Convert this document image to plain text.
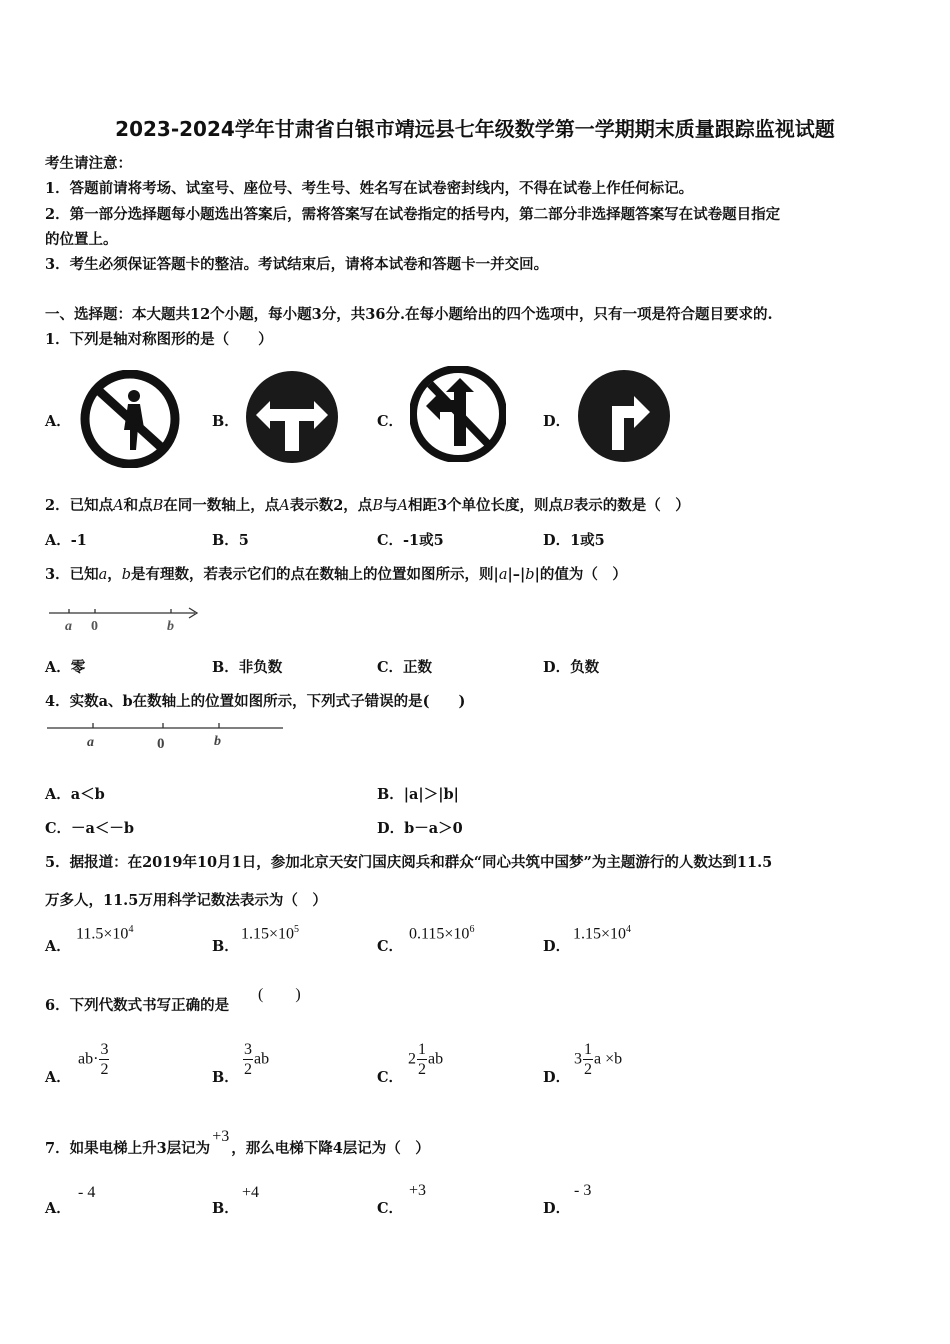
2023-2024学年甘肃省白银市靖远县七年级数学第一学期期末质量跟踪监视试题
考生请注意：
1．答题前请将考场、试室号、座位号、考生号、姓名写在试卷密封线内，不得在试卷上作任何标记。
2．第一部分选择题每小题选出答案后，需将答案写在试卷指定的括号内，第二部分非选择题答案写在试卷题目指定
的位置上。
3．考生必须保证答题卡的整洁。考试结束后，请将本试卷和答题卡一并交回。
一、选择题：本大题共12个小题，每小题3分，共36分.在每小题给出的四个选项中，只有一项是符合题目要求的.
1．下列是轴对称图形的是（　　）
A．	B．	C．	D．
2．已知点A和点B在同一数轴上，点A表示数2，点B与A相距3个单位长度，则点B表示的数是（　）
A．-1	B．5	C．-1或5	D．1或5
3．已知a，b是有理数，若表示它们的点在数轴上的位置如图所示，则|a|–|b|的值为（　）
a 0	b
A．零	B．非负数	C．正数	D．负数
4．实数a、b在数轴上的位置如图所示，下列式子错误的是(　　)
a	0	b
A．a＜b	B．|a|＞|b|
C．－a＜－b	D．b－a＞0
5．据报道：在2019年10月1日，参加北京天安门国庆阅兵和群众“同心共筑中国梦”为主题游行的人数达到11.5
万多人，11.5万用科学记数法表示为（　）
A．
$11.5\times 10^4$
B．
$1.15\times 10^5$
C．
$0.115\times 10^6$
D．
$1.15\times 10^4$
6．下列代数式书写正确的是
(　　)
A．
$ab\cdot \frac{3}{2}$	B． $\frac{3}{2}$ ab
C．
$2 \frac{1}{2}$ ab
D．
$3 \frac{1}{2}$ a ×b
7．如果电梯上升3层记为+3，那么电梯下降4层记为（　）
A．
- 4
B．
+4
C．
+3
D．
- 3
